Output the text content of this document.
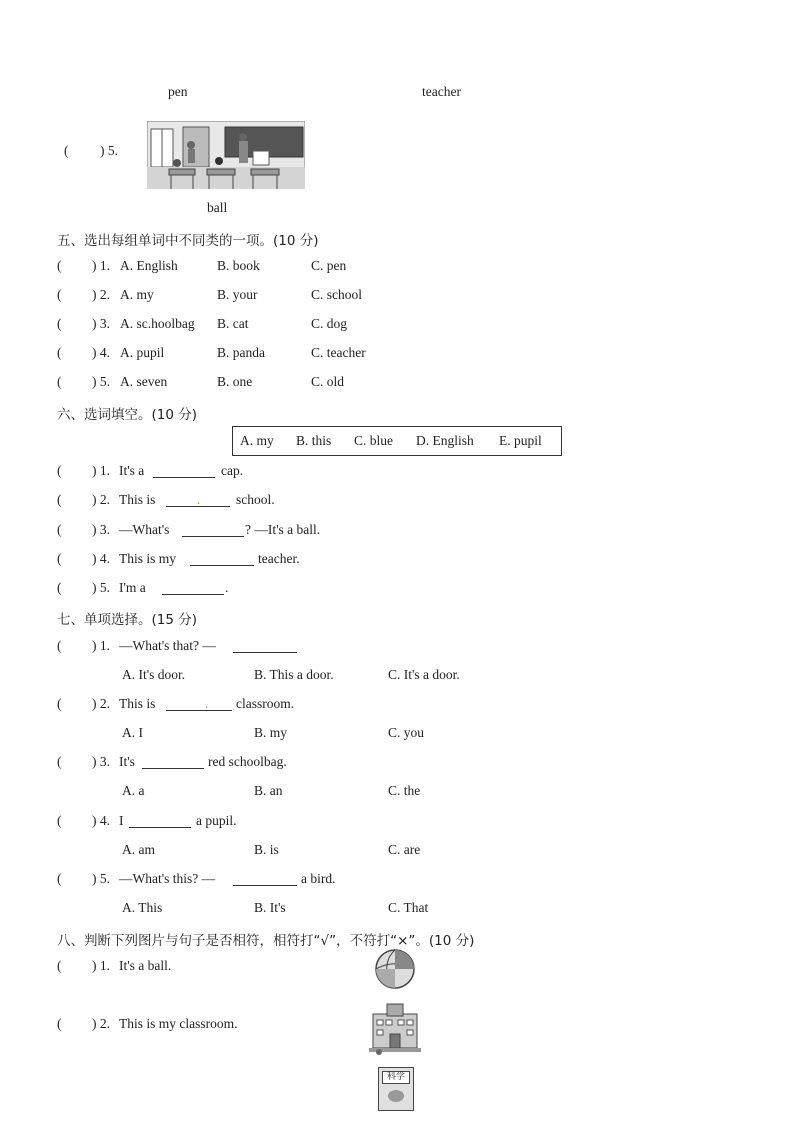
pen	teacher
( ) 5.
ball
五、选出每组单词中不同类的一项。(10 分)
( ) 1. A. English	B. book	C. pen
( ) 2. A. my	B. your	C. school
( ) 3. A. sc.hoolbag B. cat	C. dog
( ) 4. A. pupil	B. panda	C. teacher
( ) 5. A. seven	B. one	C. old
六、选词填空。(10 分)
A. my B. this C. blue D. English E. pupil
( ) 1. It's a	cap.
( ) 2. This is	.	school.
( ) 3. —What's	? —It's a ball.
( ) 4. This is my	teacher.
( ) 5. I'm a	.
七、单项选择。(15 分)
( ) 1. —What's that? —
A. It's door.	B. This a door.	C. It's a door.
( ) 2. This is	. classroom.
A. I	B. my	C. you
( ) 3. It's	red schoolbag.
A. a	B. an	C. the
( ) 4. I	a pupil.
A. am	B. is	C. are
( ) 5. —What's this? —	a bird.
A. This	B. It's	C. That
八、判断下列图片与句子是否相符，相符打“√”，不符打“×”。(10 分)
( ) 1. It's a ball.
( ) 2. This is my classroom.
科学
